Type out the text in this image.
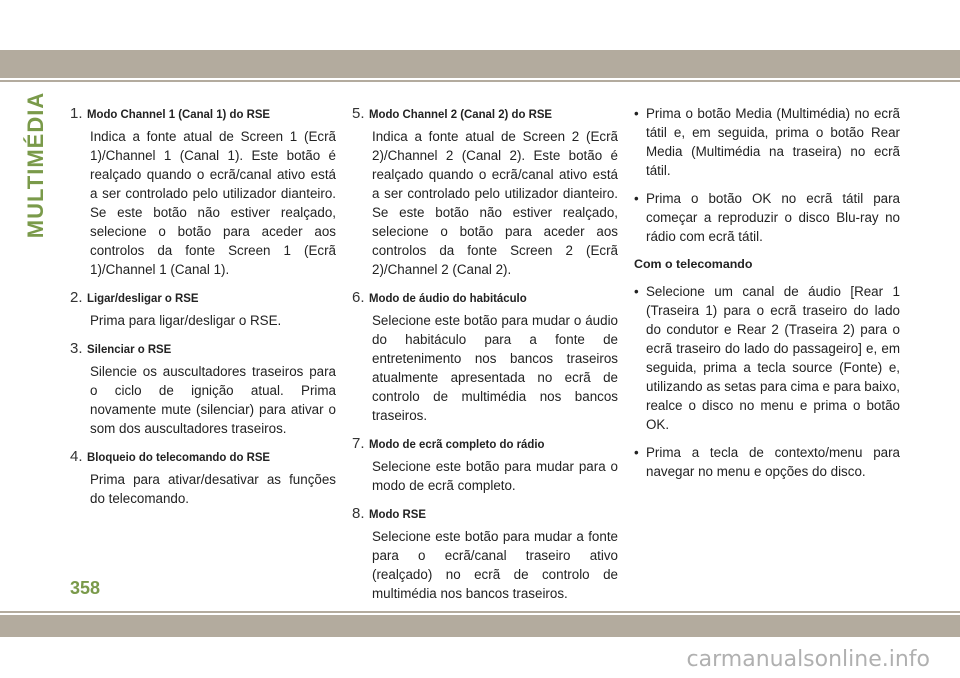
MULTIMÉDIA 1. Modo Channel 1 (Canal 1) do RSE
Indica a fonte atual de Screen 1 (Ecrã 1)/Channel 1 (Canal 1). Este botão é realçado quando o ecrã/canal ativo está a ser controlado pelo utilizador dianteiro. Se este botão não estiver realçado, selecione o botão para aceder aos controlos da fonte Screen 1 (Ecrã 1)/Channel 1 (Canal 1).
2. Ligar/desligar o RSE
Prima para ligar/desligar o RSE.
3. Silenciar o RSE
Silencie os auscultadores traseiros para o ciclo de ignição atual. Prima novamente mute (silenciar) para ativar o som dos auscultadores traseiros.
4. Bloqueio do telecomando do RSE
Prima para ativar/desativar as funções do telecomando.
5. Modo Channel 2 (Canal 2) do RSE
Indica a fonte atual de Screen 2 (Ecrã 2)/Channel 2 (Canal 2). Este botão é realçado quando o ecrã/canal ativo está a ser controlado pelo utilizador dianteiro. Se este botão não estiver realçado, selecione o botão para aceder aos controlos da fonte Screen 2 (Ecrã 2)/Channel 2 (Canal 2).
6. Modo de áudio do habitáculo
Selecione este botão para mudar o áudio do habitáculo para a fonte de entretenimento nos bancos traseiros atualmente apresentada no ecrã de controlo de multimédia nos bancos traseiros.
7. Modo de ecrã completo do rádio
Selecione este botão para mudar para o modo de ecrã completo.
8. Modo RSE
Selecione este botão para mudar a fonte para o ecrã/canal traseiro ativo (realçado) no ecrã de controlo de multimédia nos bancos traseiros.
• Prima o botão Media (Multimédia) no ecrã tátil e, em seguida, prima o botão Rear Media (Multimédia na traseira) no ecrã tátil.
• Prima o botão OK no ecrã tátil para começar a reproduzir o disco Blu-ray no rádio com ecrã tátil.
Com o telecomando
• Selecione um canal de áudio [Rear 1 (Traseira 1) para o ecrã traseiro do lado do condutor e Rear 2 (Traseira 2) para o ecrã traseiro do lado do passageiro] e, em seguida, prima a tecla source (Fonte) e, utilizando as setas para cima e para baixo, realce o disco no menu e prima o botão OK.
• Prima a tecla de contexto/menu para navegar no menu e opções do disco.
358
carmanualsonline.info
